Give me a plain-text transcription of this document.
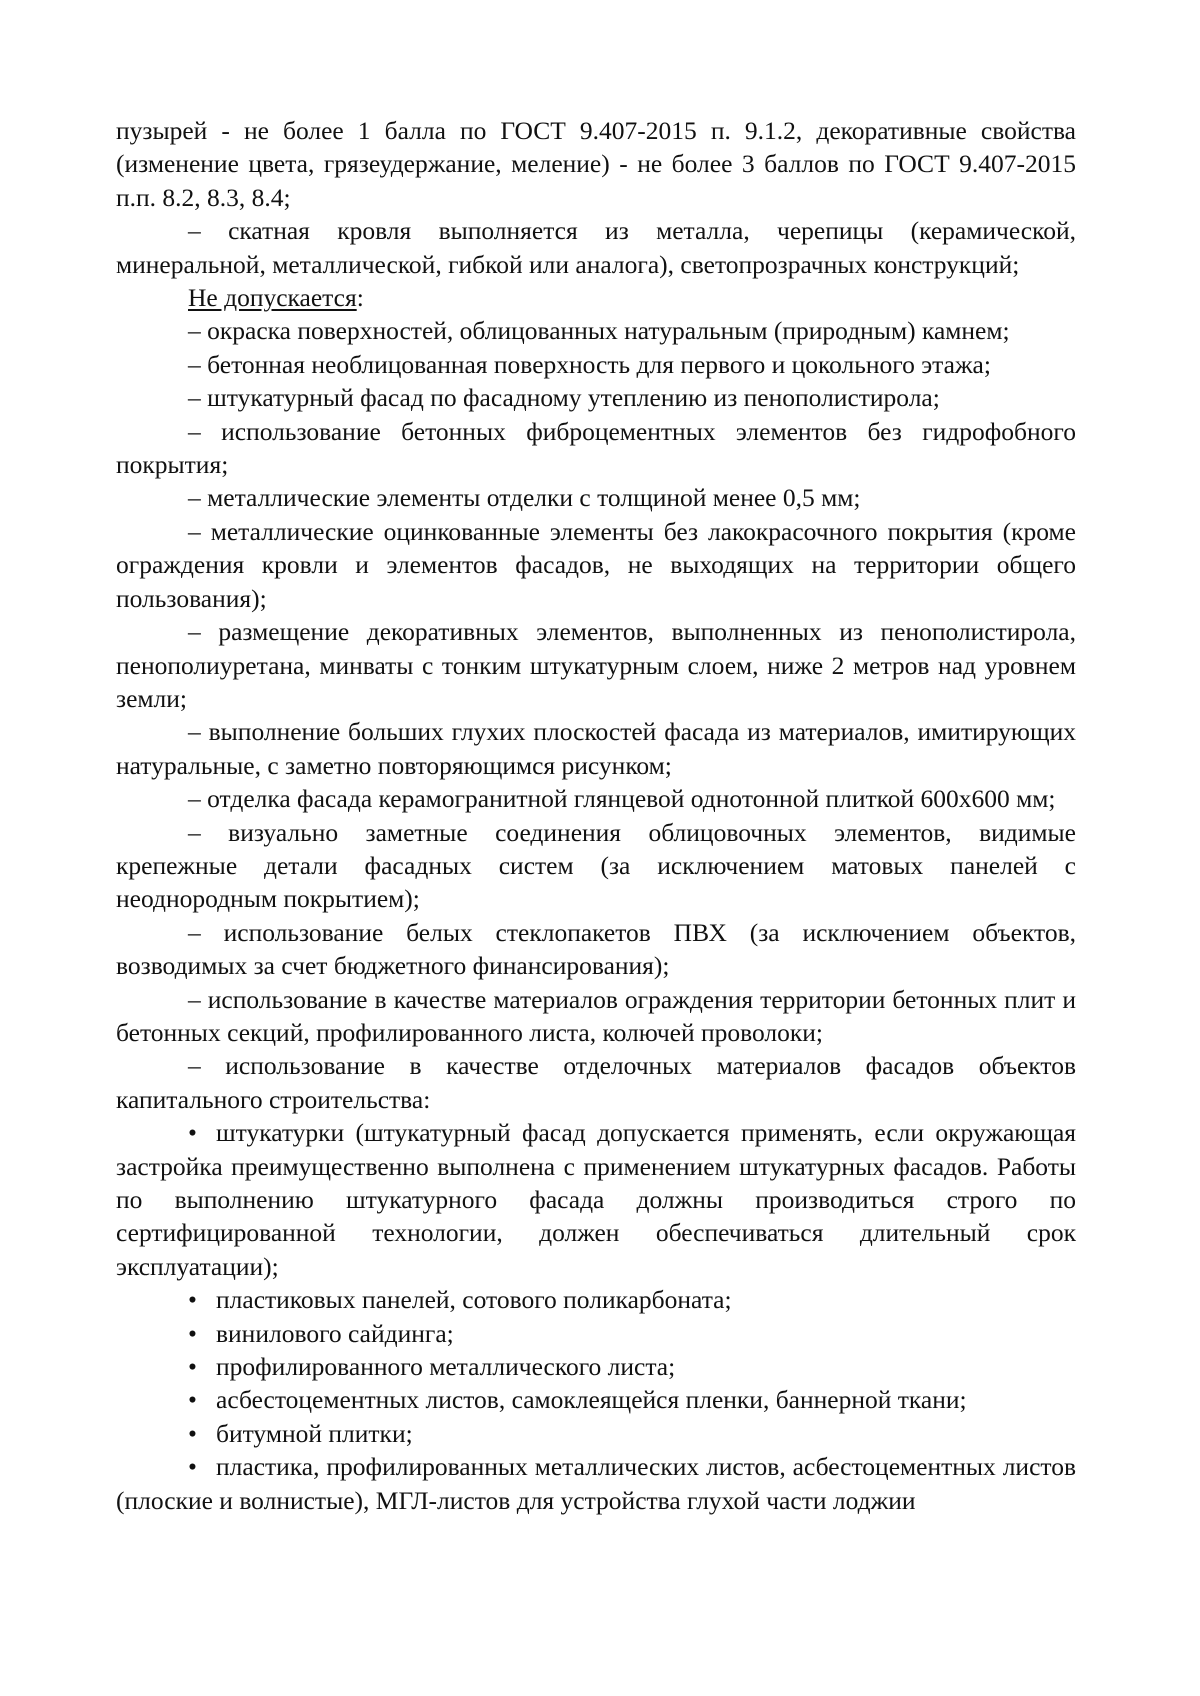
пузырей - не более 1 балла по ГОСТ 9.407-2015 п. 9.1.2, декоративные свойства (изменение цвета, грязеудержание, меление) - не более 3 баллов по ГОСТ 9.407-2015 п.п. 8.2, 8.3, 8.4;

– скатная кровля выполняется из металла, черепицы (керамической, минеральной, металлической, гибкой или аналога), светопрозрачных конструкций;

Не допускается:

– окраска поверхностей, облицованных натуральным (природным) камнем;

– бетонная необлицованная поверхность для первого и цокольного этажа;

– штукатурный фасад по фасадному утеплению из пенополистирола;

– использование бетонных фиброцементных элементов без гидрофобного покрытия;

– металлические элементы отделки с толщиной менее 0,5 мм;

– металлические оцинкованные элементы без лакокрасочного покрытия (кроме ограждения кровли и элементов фасадов, не выходящих на территории общего пользования);

– размещение декоративных элементов, выполненных из пенополистирола, пенополиуретана, минваты с тонким штукатурным слоем, ниже 2 метров над уровнем земли;

– выполнение больших глухих плоскостей фасада из материалов, имитирующих натуральные, с заметно повторяющимся рисунком;

– отделка фасада керамогранитной глянцевой однотонной плиткой 600х600 мм;

– визуально заметные соединения облицовочных элементов, видимые крепежные детали фасадных систем (за исключением матовых панелей с неоднородным покрытием);

– использование белых стеклопакетов ПВХ (за исключением объектов, возводимых за счет бюджетного финансирования);

– использование в качестве материалов ограждения территории бетонных плит и бетонных секций, профилированного листа, колючей проволоки;

– использование в качестве отделочных материалов фасадов объектов капитального строительства:

• штукатурки (штукатурный фасад допускается применять, если окружающая застройка преимущественно выполнена с применением штукатурных фасадов. Работы по выполнению штукатурного фасада должны производиться строго по сертифицированной технологии, должен обеспечиваться длительный срок эксплуатации);

• пластиковых панелей, сотового поликарбоната;

• винилового сайдинга;

• профилированного металлического листа;

• асбестоцементных листов, самоклеящейся пленки, баннерной ткани;

• битумной плитки;

• пластика, профилированных металлических листов, асбестоцементных листов (плоские и волнистые), МГЛ-листов для устройства глухой части лоджии
